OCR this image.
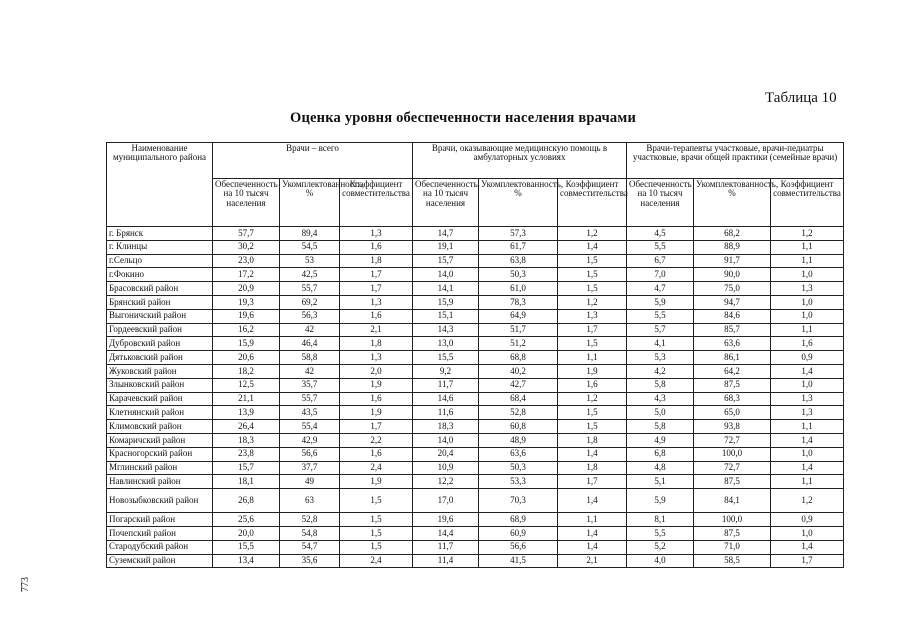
Таблица 10
Оценка уровня обеспеченности населения врачами
773
Наименование муниципального района	Врачи – всего			Врачи, оказывающие медицинскую помощь в амбулаторных условиях			Врачи-терапевты участковые, врачи-педиатры участковые, врачи общей практики (семейные врачи)		
	Обеспеченность на 10 тысяч населения	Укомплектованность, %	Коэффициент совместительства	Обеспеченность на 10 тысяч населения	Укомплектованность, %	Коэффициент совместительства	Обеспеченность на 10 тысяч населения	Укомплектованность, %	Коэффициент совместительства
г. Брянск	57,7	89,4	1,3	14,7	57,3	1,2	4,5	68,2	1,2
г. Клинцы	30,2	54,5	1,6	19,1	61,7	1,4	5,5	88,9	1,1
г.Сельцо	23,0	53	1,8	15,7	63,8	1,5	6,7	91,7	1,1
г.Фокино	17,2	42,5	1,7	14,0	50,3	1,5	7,0	90,0	1,0
Брасовский район	20,9	55,7	1,7	14,1	61,0	1,5	4,7	75,0	1,3
Брянский район	19,3	69,2	1,3	15,9	78,3	1,2	5,9	94,7	1,0
Выгоничский район	19,6	56,3	1,6	15,1	64,9	1,3	5,5	84,6	1,0
Гордеевский район	16,2	42	2,1	14,3	51,7	1,7	5,7	85,7	1,1
Дубровский район	15,9	46,4	1,8	13,0	51,2	1,5	4,1	63,6	1,6
Дятьковский район	20,6	58,8	1,3	15,5	68,8	1,1	5,3	86,1	0,9
Жуковский район	18,2	42	2,0	9,2	40,2	1,9	4,2	64,2	1,4
Злынковский район	12,5	35,7	1,9	11,7	42,7	1,6	5,8	87,5	1,0
Карачевский район	21,1	55,7	1,6	14,6	68,4	1,2	4,3	68,3	1,3
Клетнянский район	13,9	43,5	1,9	11,6	52,8	1,5	5,0	65,0	1,3
Климовский район	26,4	55,4	1,7	18,3	60,8	1,5	5,8	93,8	1,1
Комаричский район	18,3	42,9	2,2	14,0	48,9	1,8	4,9	72,7	1,4
Красногорский район	23,8	56,6	1,6	20,4	63,6	1,4	6,8	100,0	1,0
Мглинский район	15,7	37,7	2,4	10,9	50,3	1,8	4,8	72,7	1,4
Навлинский район	18,1	49	1,9	12,2	53,3	1,7	5,1	87,5	1,1
Новозыбковский район	26,8	63	1,5	17,0	70,3	1,4	5,9	84,1	1,2
Погарский район	25,6	52,8	1,5	19,6	68,9	1,1	8,1	100,0	0,9
Почепский район	20,0	54,8	1,5	14,4	60,9	1,4	5,5	87,5	1,0
Стародубский район	15,5	54,7	1,5	11,7	56,6	1,4	5,2	71,0	1,4
Суземский район	13,4	35,6	2,4	11,4	41,5	2,1	4,0	58,5	1,7
